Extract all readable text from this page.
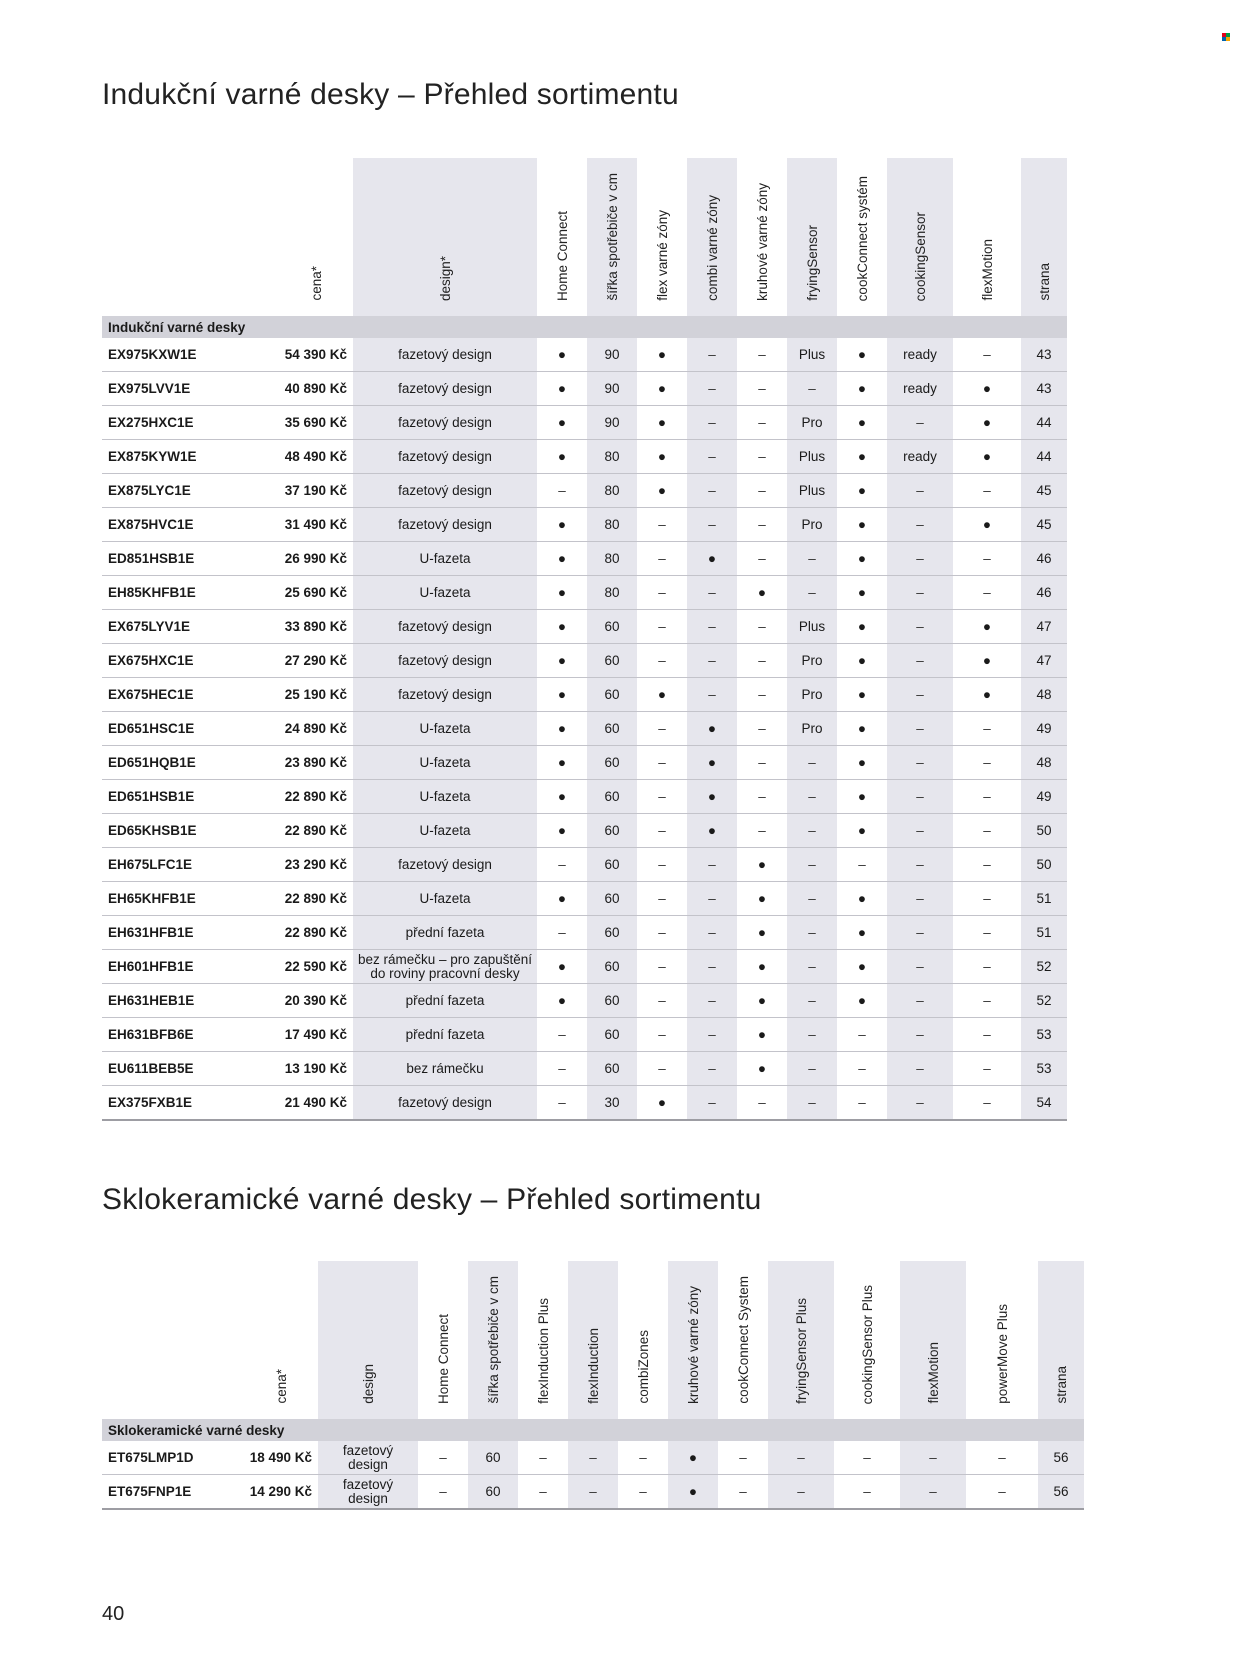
Indukční varné desky – Přehled sortimentu
	cena*	design*	Home Connect	šířka spotřebiče v cm	flex varné zóny	combi varné zóny	kruhové varné zóny	fryingSensor	cookConnect systém	cookingSensor	flexMotion	strana
Indukční varné desky												
EX975KXW1E	54 390 Kč	fazetový design	●	90	●	–	–	Plus	●	ready	–	43
EX975LVV1E	40 890 Kč	fazetový design	●	90	●	–	–	–	●	ready	●	43
EX275HXC1E	35 690 Kč	fazetový design	●	90	●	–	–	Pro	●	–	●	44
EX875KYW1E	48 490 Kč	fazetový design	●	80	●	–	–	Plus	●	ready	●	44
EX875LYC1E	37 190 Kč	fazetový design	–	80	●	–	–	Plus	●	–	–	45
EX875HVC1E	31 490 Kč	fazetový design	●	80	–	–	–	Pro	●	–	●	45
ED851HSB1E	26 990 Kč	U-fazeta	●	80	–	●	–	–	●	–	–	46
EH85KHFB1E	25 690 Kč	U-fazeta	●	80	–	–	●	–	●	–	–	46
EX675LYV1E	33 890 Kč	fazetový design	●	60	–	–	–	Plus	●	–	●	47
EX675HXC1E	27 290 Kč	fazetový design	●	60	–	–	–	Pro	●	–	●	47
EX675HEC1E	25 190 Kč	fazetový design	●	60	●	–	–	Pro	●	–	●	48
ED651HSC1E	24 890 Kč	U-fazeta	●	60	–	●	–	Pro	●	–	–	49
ED651HQB1E	23 890 Kč	U-fazeta	●	60	–	●	–	–	●	–	–	48
ED651HSB1E	22 890 Kč	U-fazeta	●	60	–	●	–	–	●	–	–	49
ED65KHSB1E	22 890 Kč	U-fazeta	●	60	–	●	–	–	●	–	–	50
EH675LFC1E	23 290 Kč	fazetový design	–	60	–	–	●	–	–	–	–	50
EH65KHFB1E	22 890 Kč	U-fazeta	●	60	–	–	●	–	●	–	–	51
EH631HFB1E	22 890 Kč	přední fazeta	–	60	–	–	●	–	●	–	–	51
EH601HFB1E	22 590 Kč	bez rámečku – pro zapuštění do roviny pracovní desky	●	60	–	–	●	–	●	–	–	52
EH631HEB1E	20 390 Kč	přední fazeta	●	60	–	–	●	–	●	–	–	52
EH631BFB6E	17 490 Kč	přední fazeta	–	60	–	–	●	–	–	–	–	53
EU611BEB5E	13 190 Kč	bez rámečku	–	60	–	–	●	–	–	–	–	53
EX375FXB1E	21 490 Kč	fazetový design	–	30	●	–	–	–	–	–	–	54
Sklokeramické varné desky – Přehled sortimentu
	cena*	design	Home Connect	šířka spotřebiče v cm	flexInduction Plus	flexInduction	combiZones	kruhové varné zóny	cookConnect System	fryingSensor Plus	cookingSensor Plus	flexMotion	powerMove Plus	strana
Sklokeramické varné desky														
ET675LMP1D	18 490 Kč	fazetový design	–	60	–	–	–	●	–	–	–	–	–	56
ET675FNP1E	14 290 Kč	fazetový design	–	60	–	–	–	●	–	–	–	–	–	56
40
